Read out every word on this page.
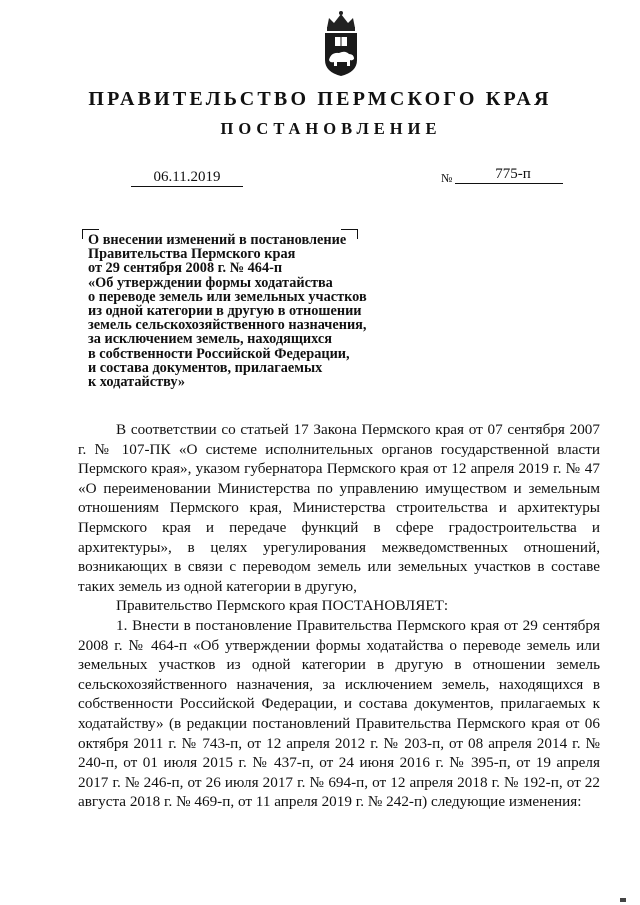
ПРАВИТЕЛЬСТВО ПЕРМСКОГО КРАЯ
ПОСТАНОВЛЕНИЕ
06.11.2019	№	775-п
О внесении изменений в постановление
Правительства Пермского края
от 29 сентября 2008 г. № 464-п
«Об утверждении формы ходатайства
о переводе земель или земельных участков
из одной категории в другую в отношении
земель сельскохозяйственного назначения,
за исключением земель, находящихся
в собственности Российской Федерации,
и состава документов, прилагаемых
к ходатайству»

В соответствии со статьей 17 Закона Пермского края от 07 сентября 2007 г. № 107-ПК «О системе исполнительных органов государственной власти Пермского края», указом губернатора Пермского края от 12 апреля 2019 г. № 47 «О переименовании Министерства по управлению имуществом и земельным отношениям Пермского края, Министерства строительства и архитектуры Пермского края и передаче функций в сфере градостроительства и архитектуры», в целях урегулирования межведомственных отношений, возникающих в связи с переводом земель или земельных участков в составе таких земель из одной категории в другую,

Правительство Пермского края ПОСТАНОВЛЯЕТ:

1. Внести в постановление Правительства Пермского края от 29 сентября 2008 г. № 464-п «Об утверждении формы ходатайства о переводе земель или земельных участков из одной категории в другую в отношении земель сельскохозяйственного назначения, за исключением земель, находящихся в собственности Российской Федерации, и состава документов, прилагаемых к ходатайству» (в редакции постановлений Правительства Пермского края от 06 октября 2011 г. № 743-п, от 12 апреля 2012 г. № 203-п, от 08 апреля 2014 г. № 240-п, от 01 июля 2015 г. № 437-п, от 24 июня 2016 г. № 395-п, от 19 апреля 2017 г. № 246-п, от 26 июля 2017 г. № 694-п, от 12 апреля 2018 г. № 192-п, от 22 августа 2018 г. № 469-п, от 11 апреля 2019 г. № 242-п) следующие изменения:
